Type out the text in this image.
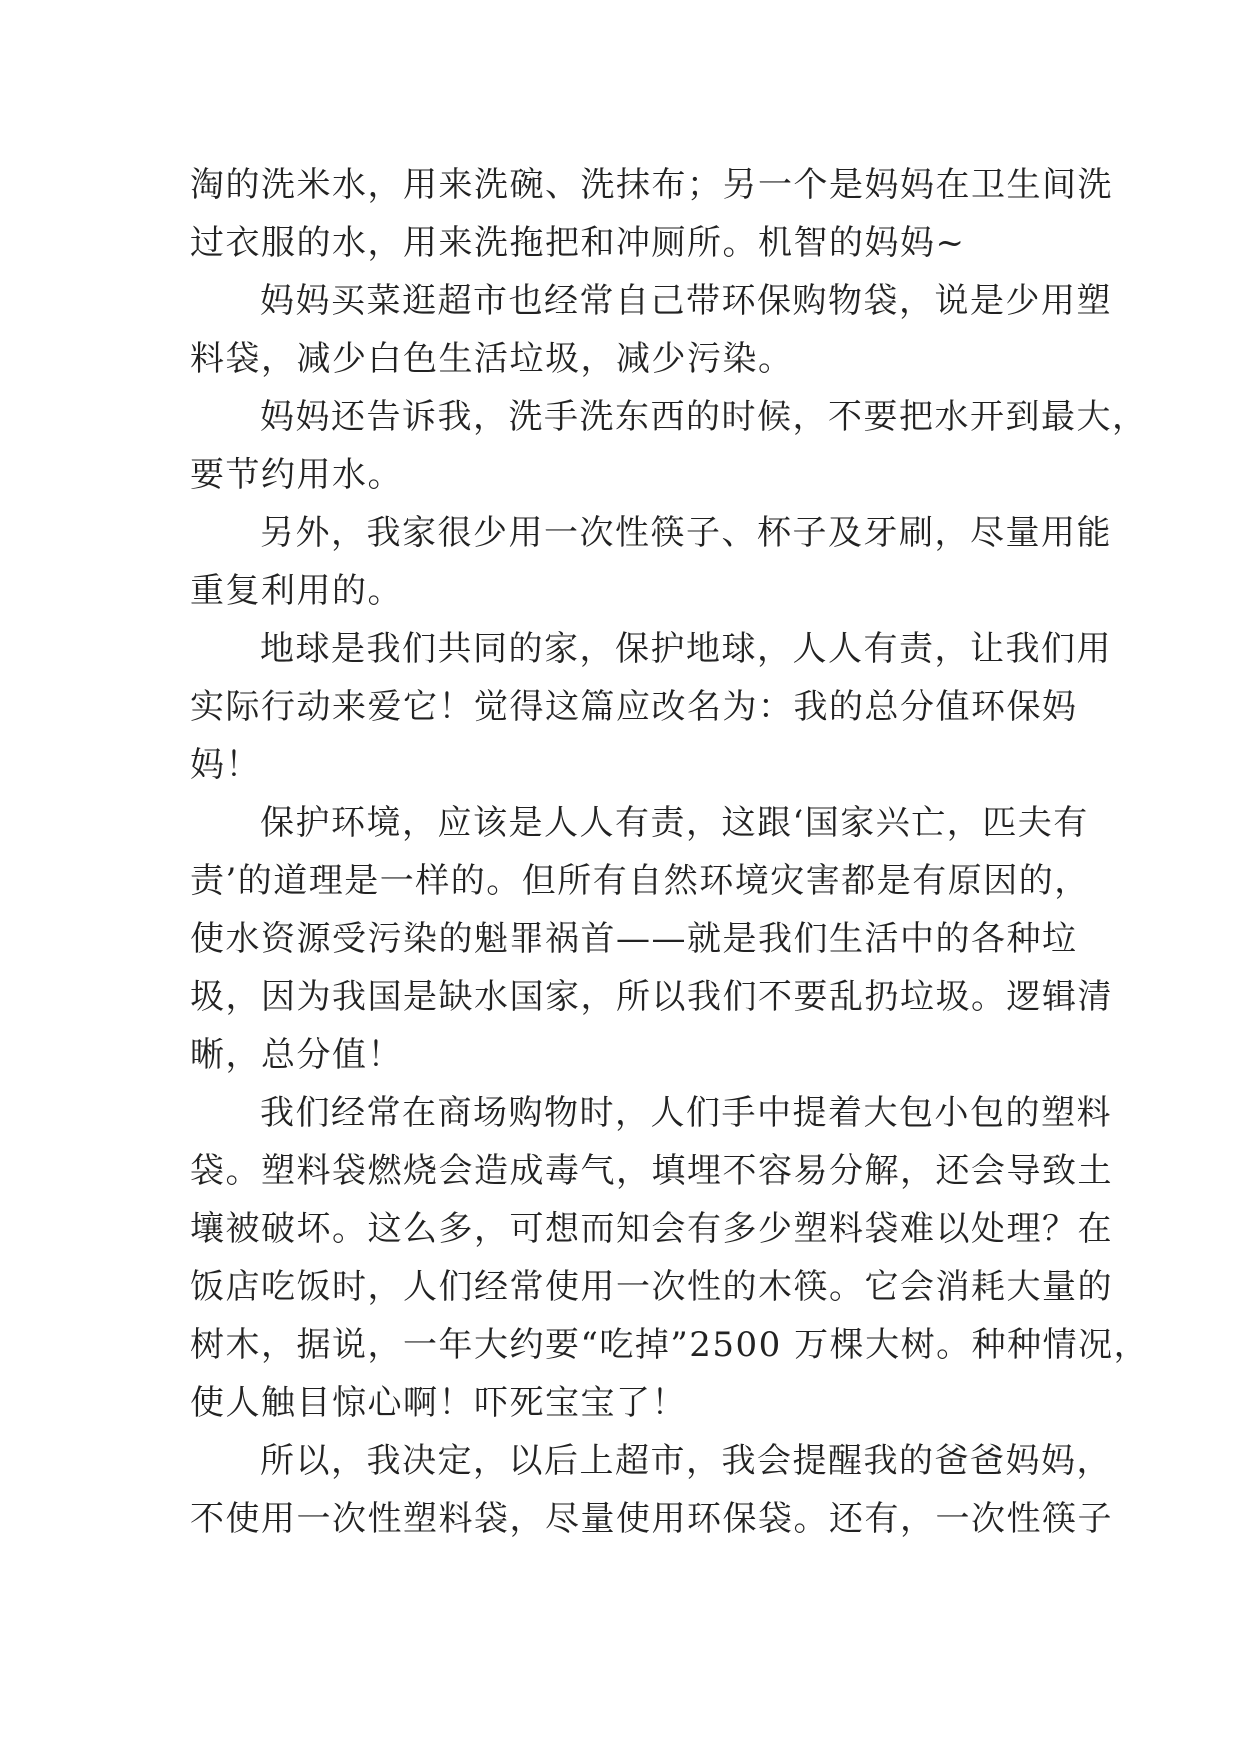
淘的洗米水，用来洗碗、洗抹布；另一个是妈妈在卫生间洗
过衣服的水，用来洗拖把和冲厕所。机智的妈妈~

妈妈买菜逛超市也经常自己带环保购物袋，说是少用塑
料袋，减少白色生活垃圾，减少污染。

妈妈还告诉我，洗手洗东西的时候，不要把水开到最大，
要节约用水。

另外，我家很少用一次性筷子、杯子及牙刷，尽量用能
重复利用的。

地球是我们共同的家，保护地球，人人有责，让我们用
实际行动来爱它！觉得这篇应改名为：我的总分值环保妈
妈！

保护环境，应该是人人有责，这跟‘国家兴亡，匹夫有
责’的道理是一样的。但所有自然环境灾害都是有原因的，
使水资源受污染的魁罪祸首——就是我们生活中的各种垃
圾，因为我国是缺水国家，所以我们不要乱扔垃圾。逻辑清
晰，总分值！

我们经常在商场购物时，人们手中提着大包小包的塑料
袋。塑料袋燃烧会造成毒气，填埋不容易分解，还会导致土
壤被破坏。这么多，可想而知会有多少塑料袋难以处理？在
饭店吃饭时，人们经常使用一次性的木筷。它会消耗大量的
树木，据说，一年大约要“吃掉”2500 万棵大树。种种情况，
使人触目惊心啊！吓死宝宝了！

所以，我决定，以后上超市，我会提醒我的爸爸妈妈，
不使用一次性塑料袋，尽量使用环保袋。还有，一次性筷子
